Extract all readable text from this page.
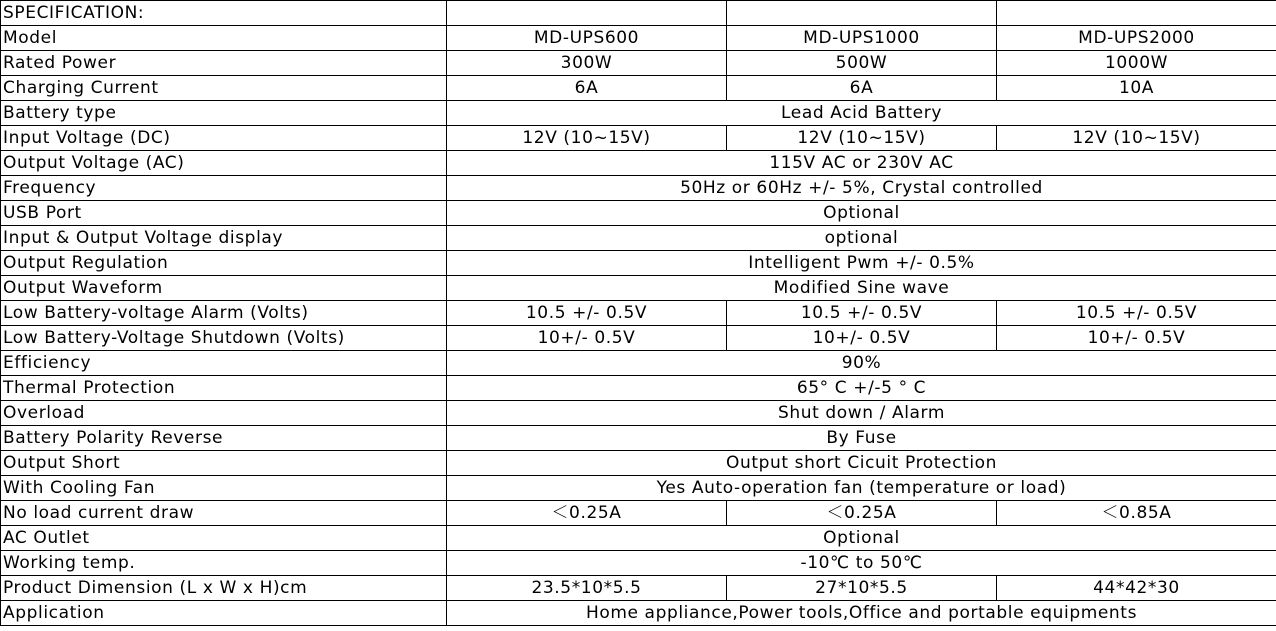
SPECIFICATION:			
Model	MD-UPS600	MD-UPS1000	MD-UPS2000
Rated Power	300W	500W	1000W
Charging Current	6A	6A	10A
Battery type	Lead Acid Battery		
Input Voltage (DC)	12V (10~15V)	12V (10~15V)	12V (10~15V)
Output Voltage (AC)	115V AC or 230V AC		
Frequency	50Hz or 60Hz +/- 5%, Crystal controlled		
USB Port	Optional		
Input & Output Voltage display	optional		
Output Regulation	Intelligent Pwm +/- 0.5%		
Output Waveform	Modified Sine wave		
Low Battery-voltage Alarm (Volts)	10.5 +/- 0.5V	10.5 +/- 0.5V	10.5 +/- 0.5V
Low Battery-Voltage Shutdown (Volts)	10+/- 0.5V	10+/- 0.5V	10+/- 0.5V
Efficiency	90%		
Thermal Protection	65° C +/-5 ° C		
Overload	Shut down / Alarm		
Battery Polarity Reverse	By Fuse		
Output Short	Output short Cicuit Protection		
With Cooling Fan	Yes Auto-operation fan (temperature or load)		
No load current draw	＜0.25A	＜0.25A	＜0.85A
AC Outlet	Optional		
Working temp.	-10℃ to 50℃		
Product Dimension (L x W x H)cm	23.5*10*5.5	27*10*5.5	44*42*30
Application	Home appliance,Power tools,Office and portable equipments		
